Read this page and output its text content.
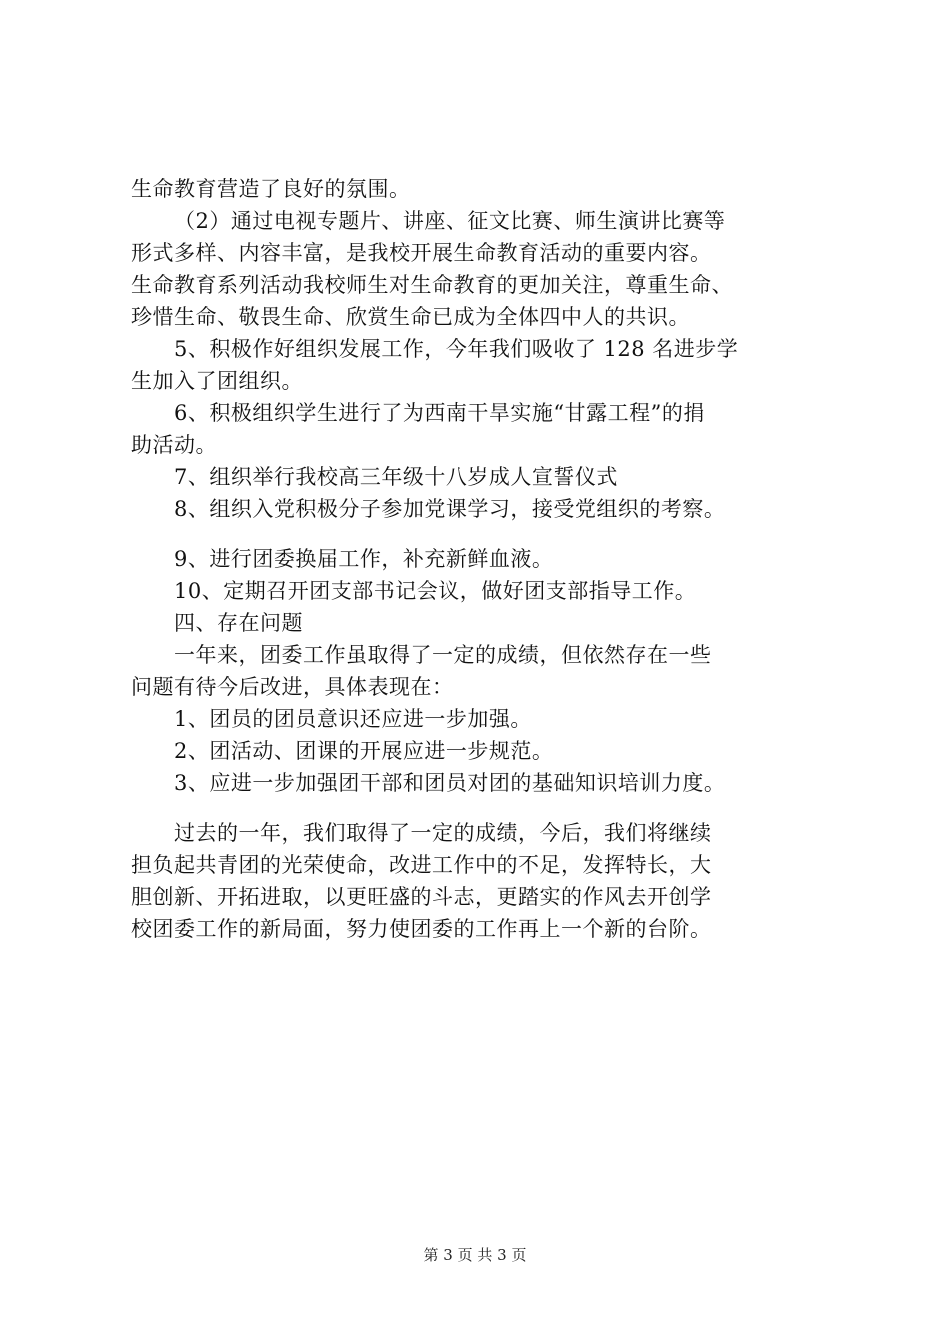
生命教育营造了良好的氛围。
（2）通过电视专题片、讲座、征文比赛、师生演讲比赛等
形式多样、内容丰富，是我校开展生命教育活动的重要内容。
生命教育系列活动我校师生对生命教育的更加关注，尊重生命、
珍惜生命、敬畏生命、欣赏生命已成为全体四中人的共识。
5、积极作好组织发展工作，今年我们吸收了 128 名进步学
生加入了团组织。
6、积极组织学生进行了为西南干旱实施“甘露工程”的捐
助活动。
7、组织举行我校高三年级十八岁成人宣誓仪式
8、组织入党积极分子参加党课学习，接受党组织的考察。
9、进行团委换届工作，补充新鲜血液。
10、定期召开团支部书记会议，做好团支部指导工作。
四、存在问题
一年来，团委工作虽取得了一定的成绩，但依然存在一些
问题有待今后改进，具体表现在：
1、团员的团员意识还应进一步加强。
2、团活动、团课的开展应进一步规范。
3、应进一步加强团干部和团员对团的基础知识培训力度。
过去的一年，我们取得了一定的成绩，今后，我们将继续
担负起共青团的光荣使命，改进工作中的不足，发挥特长，大
胆创新、开拓进取，以更旺盛的斗志，更踏实的作风去开创学
校团委工作的新局面，努力使团委的工作再上一个新的台阶。
第 3 页 共 3 页
